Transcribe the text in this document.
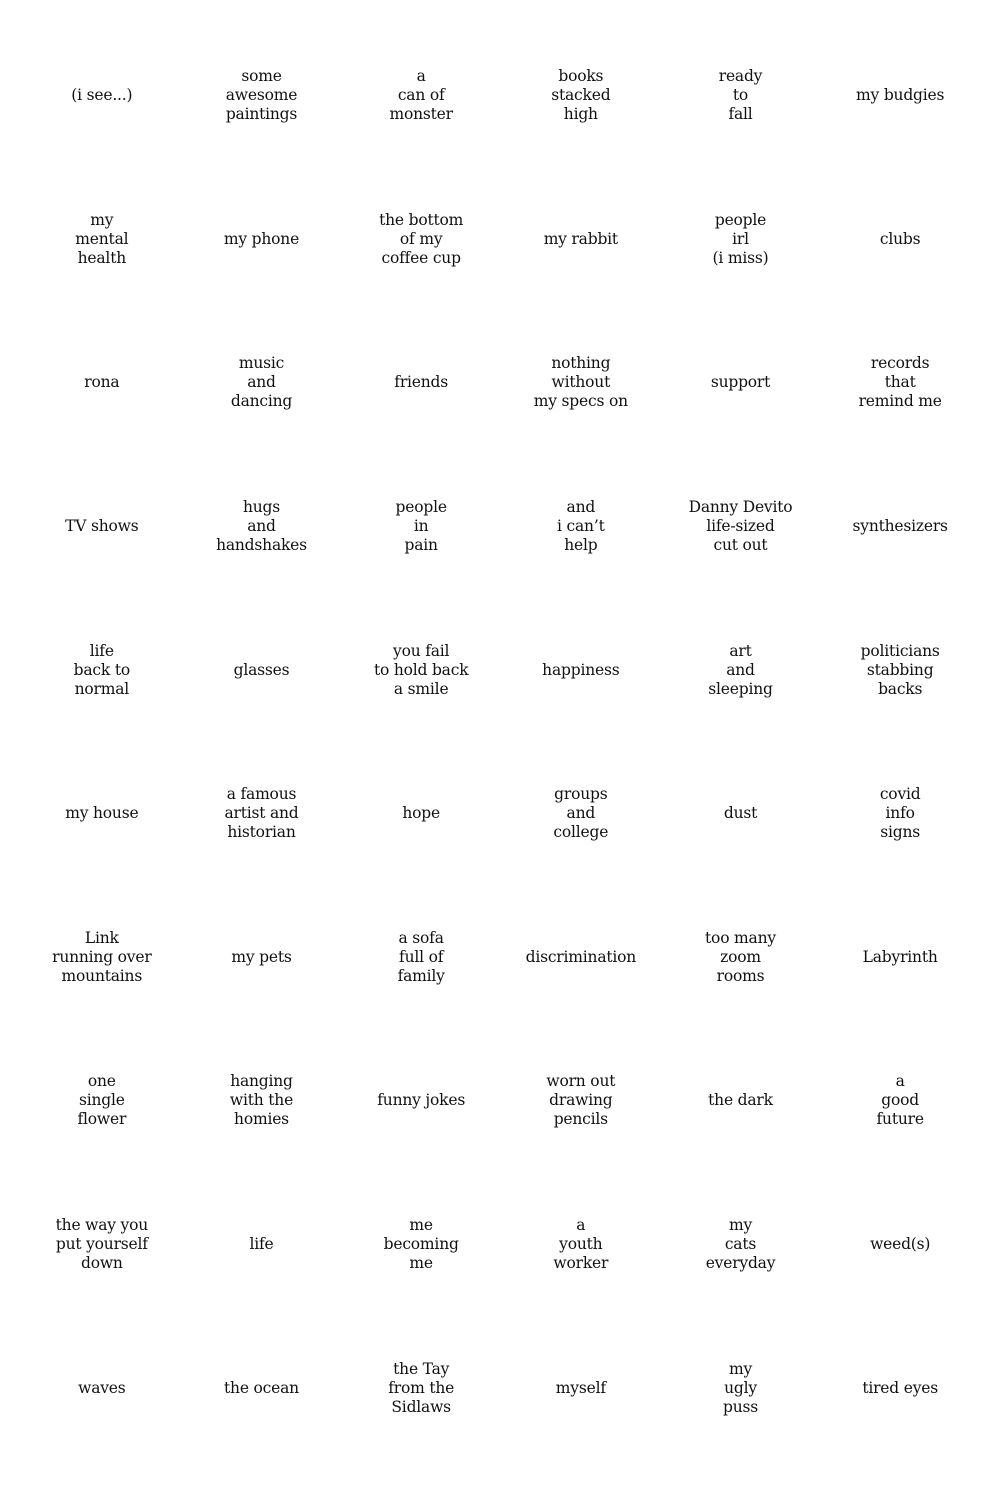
(i see...)
some
awesome
paintings
a
can of
monster
books
stacked
high
ready
to
fall
my budgies
my
mental
health
my phone
the bottom
of my
coffee cup
my rabbit
people
irl
(i miss)
clubs
rona
music
and
dancing
friends
nothing
without
my specs on
support
records
that
remind me
TV shows
hugs
and
handshakes
people
in
pain
and
i can’t
help
Danny Devito
life-sized
cut out
synthesizers
life
back to
normal
glasses
you fail
to hold back
a smile
happiness
art
and
sleeping
politicians
stabbing
backs
my house
a famous
artist and
historian
hope
groups
and
college
dust
covid
info
signs
Link
running over
mountains
my pets
a sofa
full of
family
discrimination
too many
zoom
rooms
Labyrinth
one
single
flower
hanging
with the
homies
funny jokes
worn out
drawing
pencils
the dark
a
good
future
the way you
put yourself
down
life
me
becoming
me
a
youth
worker
my
cats
everyday
weed(s)
waves	the ocean
the Tay
from the
Sidlaws
myself
my
ugly
puss
tired eyes
